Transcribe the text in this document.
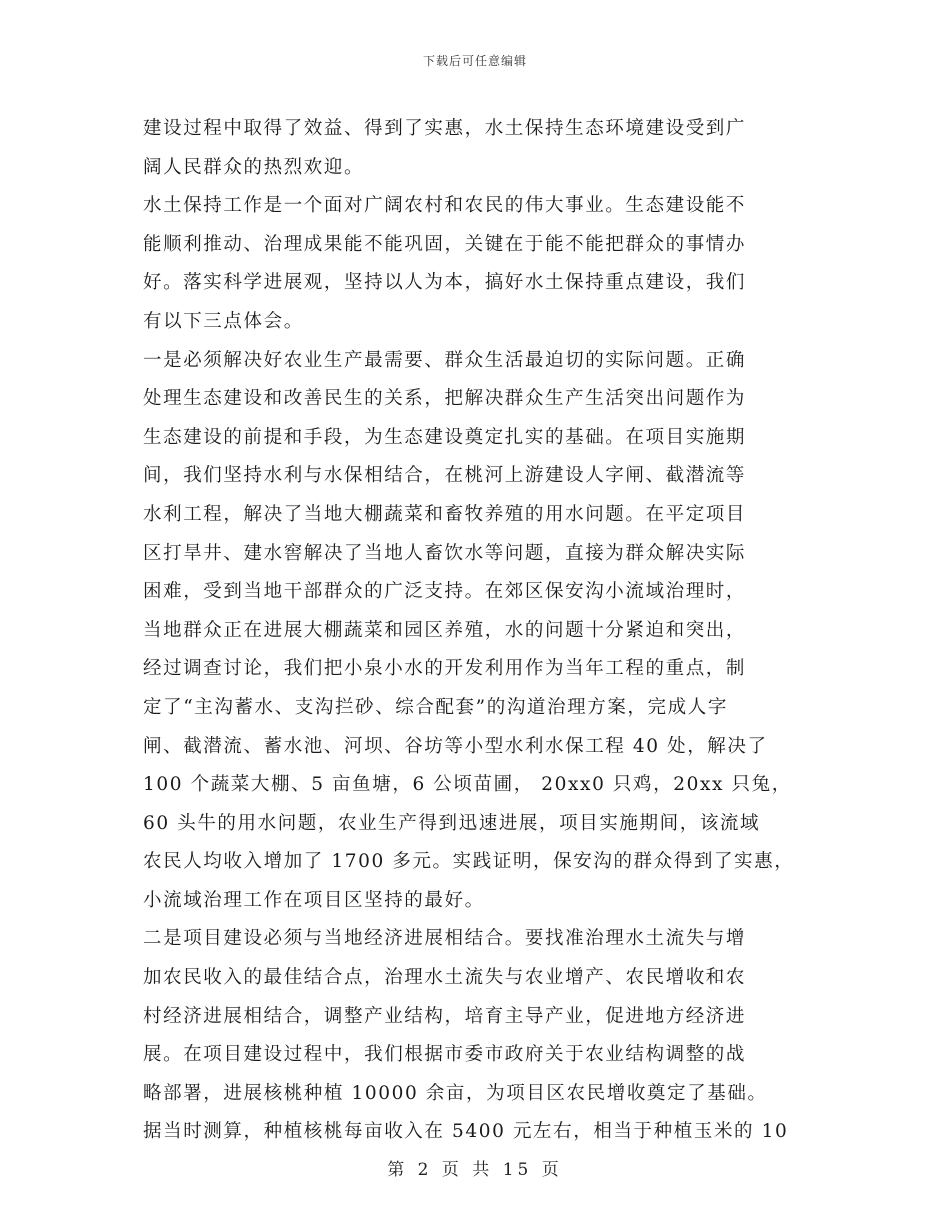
下载后可任意编辑
建设过程中取得了效益、得到了实惠，水土保持生态环境建设受到广
阔人民群众的热烈欢迎。
水土保持工作是一个面对广阔农村和农民的伟大事业。生态建设能不
能顺利推动、治理成果能不能巩固，关键在于能不能把群众的事情办
好。落实科学进展观，坚持以人为本，搞好水土保持重点建设，我们
有以下三点体会。
一是必须解决好农业生产最需要、群众生活最迫切的实际问题。正确
处理生态建设和改善民生的关系，把解决群众生产生活突出问题作为
生态建设的前提和手段，为生态建设奠定扎实的基础。在项目实施期
间，我们坚持水利与水保相结合，在桃河上游建设人字闸、截潜流等
水利工程，解决了当地大棚蔬菜和畜牧养殖的用水问题。在平定项目
区打旱井、建水窖解决了当地人畜饮水等问题，直接为群众解决实际
困难，受到当地干部群众的广泛支持。在郊区保安沟小流域治理时，
当地群众正在进展大棚蔬菜和园区养殖，水的问题十分紧迫和突出，
经过调查讨论，我们把小泉小水的开发利用作为当年工程的重点，制
定了“主沟蓄水、支沟拦砂、综合配套”的沟道治理方案，完成人字
闸、截潜流、蓄水池、河坝、谷坊等小型水利水保工程 40 处，解决了
100 个蔬菜大棚、5 亩鱼塘，6 公顷苗圃， 20xx0 只鸡，20xx 只兔，
60 头牛的用水问题，农业生产得到迅速进展，项目实施期间，该流域
农民人均收入增加了 1700 多元。实践证明，保安沟的群众得到了实惠，
小流域治理工作在项目区坚持的最好。
二是项目建设必须与当地经济进展相结合。要找准治理水土流失与增
加农民收入的最佳结合点，治理水土流失与农业增产、农民增收和农
村经济进展相结合，调整产业结构，培育主导产业，促进地方经济进
展。在项目建设过程中，我们根据市委市政府关于农业结构调整的战
略部署，进展核桃种植 10000 余亩，为项目区农民增收奠定了基础。
据当时测算，种植核桃每亩收入在 5400 元左右，相当于种植玉米的 10
第 2 页 共 15 页
